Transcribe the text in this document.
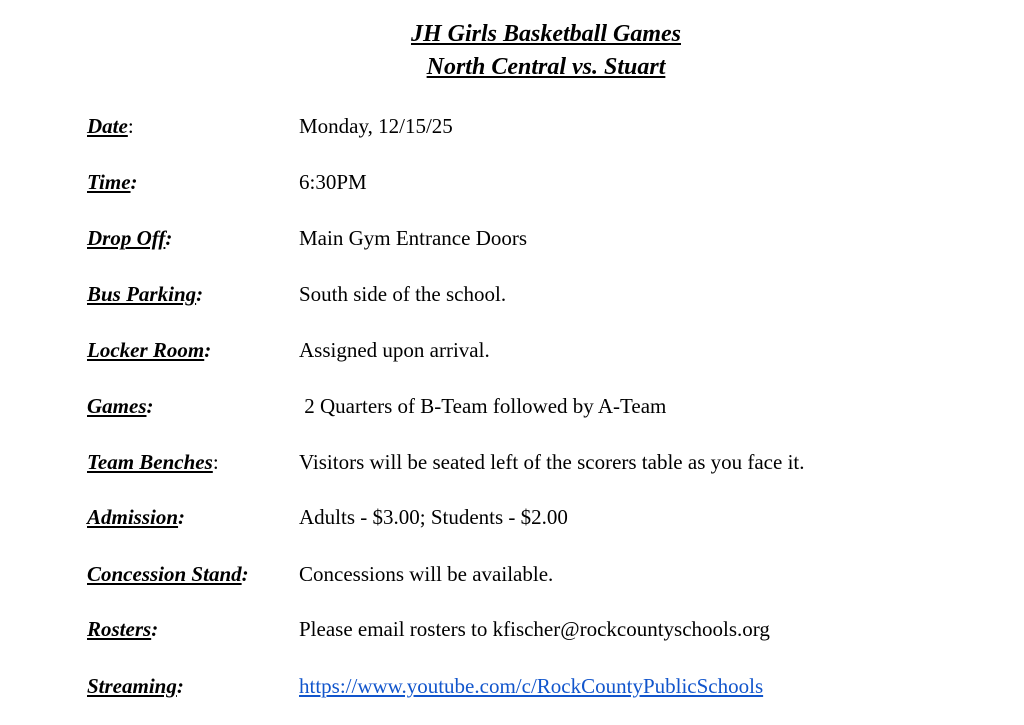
JH Girls Basketball Games
North Central vs. Stuart
Date:	Monday, 12/15/25
Time:	6:30PM
Drop Off:	Main Gym Entrance Doors
Bus Parking:	South side of the school.
Locker Room:	Assigned upon arrival.
Games:	2 Quarters of B-Team followed by A-Team
Team Benches:	Visitors will be seated left of the scorers table as you face it.
Admission:	Adults - $3.00; Students - $2.00
Concession Stand: Concessions will be available.
Rosters:	Please email rosters to kfischer@rockcountyschools.org
Streaming:	https://www.youtube.com/c/RockCountyPublicSchools
